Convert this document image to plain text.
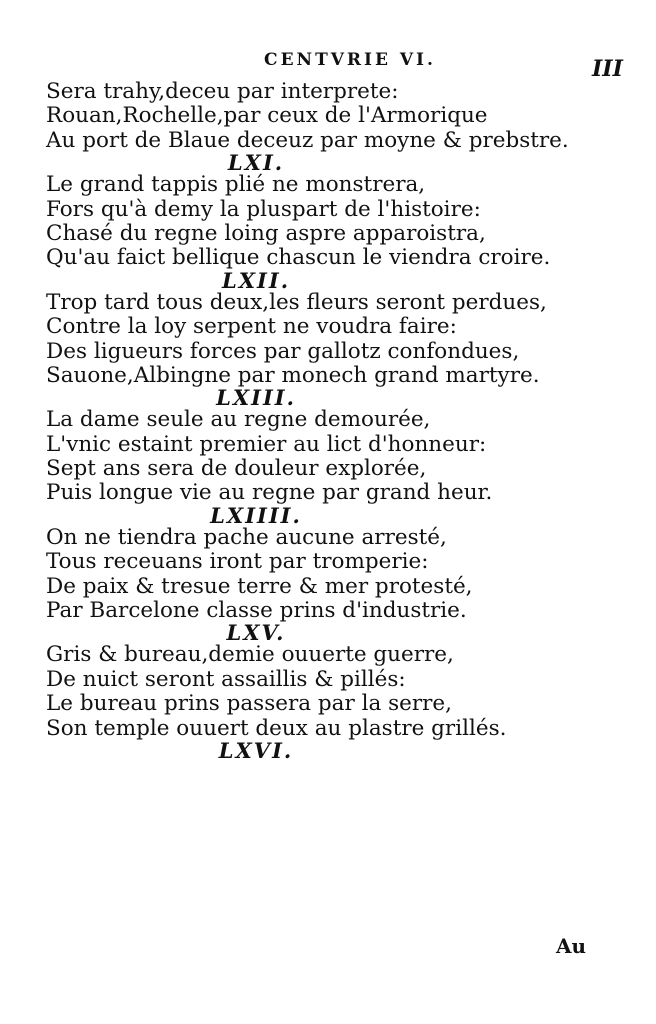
CENTVRIE VI.	III
Sera trahy,deceu par interprete:
Rouan,Rochelle,par ceux de l'Armorique
Au port de Blaue deceuz par moyne & prebstre.
LXI.
Le grand tappis plié ne monstrera,
Fors qu'à demy la pluspart de l'histoire:
Chasé du regne loing aspre apparoistra,
Qu'au faict bellique chascun le viendra croire.
LXII.
Trop tard tous deux,les fleurs seront perdues,
Contre la loy serpent ne voudra faire:
Des ligueurs forces par gallotz confondues,
Sauone,Albingne par monech grand martyre.
LXIII.
La dame seule au regne demourée,
L'vnic estaint premier au lict d'honneur:
Sept ans sera de douleur explorée,
Puis longue vie au regne par grand heur.
LXIIII.
On ne tiendra pache aucune arresté,
Tous receuans iront par tromperie:
De paix & tresue terre & mer protesté,
Par Barcelone classe prins d'industrie.
LXV.
Gris & bureau,demie ouuerte guerre,
De nuict seront assaillis & pillés:
Le bureau prins passera par la serre,
Son temple ouuert deux au plastre grillés.
LXVI.
Au
